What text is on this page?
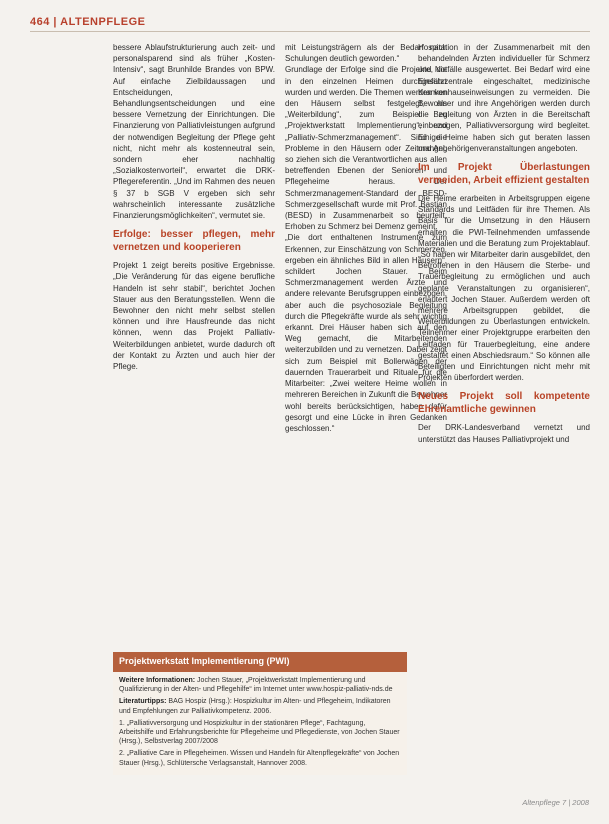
464 | ALTENPFLEGE

bessere Ablaufstrukturierung auch zeit- und personalsparend sind als früher „Kosten-Intensiv“, sagt Brunhilde Brandes von BPW. Auf einfache Zielbildaussagen und Entscheidungen, Behandlungsentscheidungen und eine bessere Vernetzung der Einrichtungen. Die Finanzierung von Palliativleistungen aufgrund der notwendigen Begleitung der Pflege geht nicht, nicht mehr als kostenneutral sein, sondern eher nachhaltig „Sozialkostenvorteil“, erwartet die DRK-Pflegereferentin. „Und im Rahmen des neuen § 37 b SGB V ergeben sich sehr wahrscheinlich interessante zusätzliche Finanzierungsmöglichkeiten“, vermutet sie.

Erfolge: besser pflegen, mehr vernetzen und kooperieren

Projekt 1 zeigt bereits positive Ergebnisse. „Die Veränderung für das eigene berufliche Handeln ist sehr stabil“, berichtet Jochen Stauer aus den Beratungsstellen. Wenn die Bewohner den nicht mehr selbst stellen können und ihre Hausfreunde das nicht können, wenn das Projekt Palliativ-Weiterbildungen anbietet, wurde dadurch oft der Kontakt zu Ärzten und auch hier der Pflege.

mit Leistungsträgern als der Bedarf nach Schulungen deutlich geworden.“

Grundlage der Erfolge sind die Projekte, die in den einzelnen Heimen durchgeführt wurden und werden. Die Themen werden von den Häusern selbst festgelegt, als „Weiterbildung“, zum Beispiel zu „Projektwerkstatt Implementierung“, und „Palliativ-Schmerzmanagement“. Sind die Probleme in den Häusern oder Zeitmangel, so ziehen sich die Verantwortlichen aus allen betreffenden Ebenen der Senioren- und Pflegeheime heraus. Der Schmerzmanagement-Standard der BESD-Schmerzgesellschaft wurde mit Prof. Bastian (BESD) in Zusammenarbeit so beurteilt. Erhoben zu Schmerz bei Demenz gemeint.

„Die dort enthaltenen Instrumente zum Erkennen, zur Einschätzung von Schmerzen, ergeben ein ähnliches Bild in allen Häusern“, schildert Jochen Stauer. Beim Schmerzmanagement werden Ärzte und andere relevante Berufsgruppen einbezogen, aber auch die psychosoziale Begleitung durch die Pflegekräfte wurde als sehr wichtig erkannt. Drei Häuser haben sich auf den Weg gemacht, die Mitarbeitenden weiterzubilden und zu vernetzen. Dabei zeigt sich zum Beispiel mit Bollerwägen der dauernden Trauerarbeit und Rituale für die Mitarbeiter: „Zwei weitere Heime wollen in mehreren Bereichen in Zukunft die Bewohner wohl bereits berücksichtigen, haben dafür gesorgt und eine Lücke in ihren Gedanken geschlossen.“

Hospitation in der Zusammenarbeit mit den behandelnden Ärzten individueller für Schmerz und Notfälle ausgewertet. Bei Bedarf wird eine Einsatzzentrale eingeschaltet, medizinische Krankenhauseinweisungen zu vermeiden. Die Bewohner und ihre Angehörigen werden durch die Begleitung von Ärzten in die Bereitschaft einbezogen, Palliativversorgung wird begleitet. Einige Heime haben sich gut beraten lassen und Angehörigenveranstaltungen angeboten.

Im Projekt Überlastungen vermeiden, Arbeit effizient gestalten

Die Heime erarbeiten in Arbeitsgruppen eigene Standards und Leitfäden für ihre Themen. Als Basis für die Umsetzung in den Häusern erhalten die PWI-Teilnehmenden umfassende Materialien und die Beratung zum Projektablauf. „So haben wir Mitarbeiter darin ausgebildet, den Betroffenen in den Häusern die Sterbe- und Trauerbegleitung zu ermöglichen und auch geplante Veranstaltungen zu organisieren“, erläutert Jochen Stauer. Außerdem werden oft mehrere Arbeitsgruppen gebildet, die Weiterbildungen zu Überlastungen entwickeln. Teilnehmer einer Projektgruppe erarbeiten den Leitfaden für Trauerbegleitung, eine andere gestaltet einen Abschiedsraum.“ So können alle Beteiligten und Einrichtungen nicht mehr mit Projekten überfordert werden.

Neues Projekt soll kompetente Ehrenamtliche gewinnen

Der DRK-Landesverband vernetzt und unterstützt das Hauses Palliativprojekt und

Projektwerkstatt Implementierung (PWI)

Weitere Informationen: Jochen Stauer, „Projektwerkstatt Implementierung und Qualifizierung in der Alten- und Pflegehilfe“ im Internet unter www.hospiz-palliativ-nds.de

Literaturtipps: BAG Hospiz (Hrsg.): Hospizkultur im Alten- und Pflegeheim, Indikatoren und Empfehlungen zur Palliativkompetenz. 2006.

1. „Palliativversorgung und Hospizkultur in der stationären Pflege“, Fachtagung, Arbeitshilfe und Erfahrungsberichte für Pflegeheime und Pflegedienste, von Jochen Stauer (Hrsg.), Selbstverlag 2007/2008

2. „Palliative Care in Pflegeheimen. Wissen und Handeln für Altenpflegekräfte“ von Jochen Stauer (Hrsg.), Schlütersche Verlagsanstalt, Hannover 2008.

Altenpflege 7 | 2008
